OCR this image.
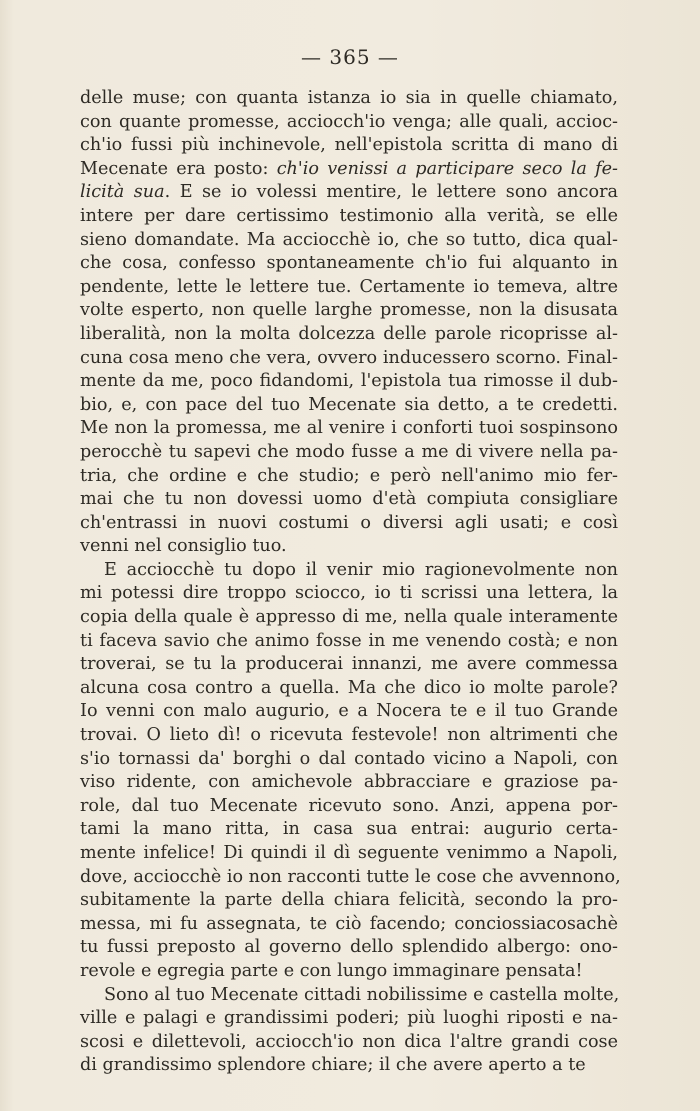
— 365 —
delle muse; con quanta istanza io sia in quelle chiamato,
con quante promesse, acciocch'io venga; alle quali, accioc-
ch'io fussi più inchinevole, nell'epistola scritta di mano di
Mecenate era posto: ch'io venissi a participare seco la fe-
licità sua. E se io volessi mentire, le lettere sono ancora
intere per dare certissimo testimonio alla verità, se elle
sieno domandate. Ma acciocchè io, che so tutto, dica qual-
che cosa, confesso spontaneamente ch'io fui alquanto in
pendente, lette le lettere tue. Certamente io temeva, altre
volte esperto, non quelle larghe promesse, non la disusata
liberalità, non la molta dolcezza delle parole ricoprisse al-
cuna cosa meno che vera, ovvero inducessero scorno. Final-
mente da me, poco fidandomi, l'epistola tua rimosse il dub-
bio, e, con pace del tuo Mecenate sia detto, a te credetti.
Me non la promessa, me al venire i conforti tuoi sospinsono
perocchè tu sapevi che modo fusse a me di vivere nella pa-
tria, che ordine e che studio; e però nell'animo mio fer-
mai che tu non dovessi uomo d'età compiuta consigliare
ch'entrassi in nuovi costumi o diversi agli usati; e così
venni nel consiglio tuo.
E acciocchè tu dopo il venir mio ragionevolmente non
mi potessi dire troppo sciocco, io ti scrissi una lettera, la
copia della quale è appresso di me, nella quale interamente
ti faceva savio che animo fosse in me venendo costà; e non
troverai, se tu la producerai innanzi, me avere commessa
alcuna cosa contro a quella. Ma che dico io molte parole?
Io venni con malo augurio, e a Nocera te e il tuo Grande
trovai. O lieto dì! o ricevuta festevole! non altrimenti che
s'io tornassi da' borghi o dal contado vicino a Napoli, con
viso ridente, con amichevole abbracciare e graziose pa-
role, dal tuo Mecenate ricevuto sono. Anzi, appena por-
tami la mano ritta, in casa sua entrai: augurio certa-
mente infelice! Di quindi il dì seguente venimmo a Napoli,
dove, acciocchè io non racconti tutte le cose che avvennono,
subitamente la parte della chiara felicità, secondo la pro-
messa, mi fu assegnata, te ciò facendo; conciossiacosachè
tu fussi preposto al governo dello splendido albergo: ono-
revole e egregia parte e con lungo immaginare pensata!
Sono al tuo Mecenate cittadi nobilissime e castella molte,
ville e palagi e grandissimi poderi; più luoghi riposti e na-
scosi e dilettevoli, acciocch'io non dica l'altre grandi cose
di grandissimo splendore chiare; il che avere aperto a te
